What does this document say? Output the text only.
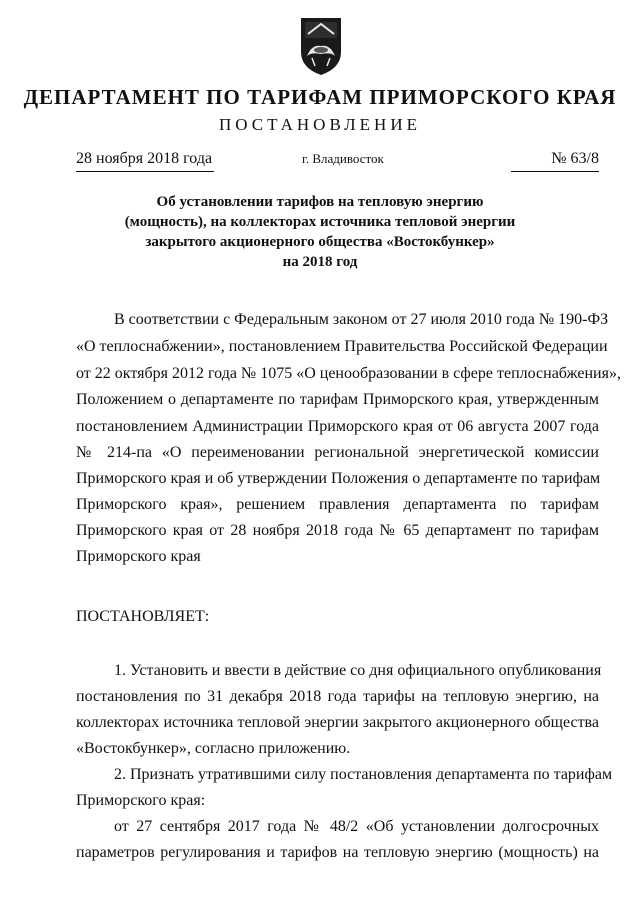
ДЕПАРТАМЕНТ ПО ТАРИФАМ ПРИМОРСКОГО КРАЯ
ПОСТАНОВЛЕНИЕ
28 ноября 2018 года	г. Владивосток	№ 63/8
Об установлении тарифов на тепловую энергию
(мощность), на коллекторах источника тепловой энергии
закрытого акционерного общества «Востокбункер»
на 2018 год
В соответствии с Федеральным законом от 27 июля 2010 года № 190-ФЗ
«О теплоснабжении», постановлением Правительства Российской Федерации
от 22 октября 2012 года № 1075 «О ценообразовании в сфере теплоснабжения»,
Положением о департаменте по тарифам Приморского края, утвержденным
постановлением Администрации Приморского края от 06 августа 2007 года
№ 214-па «О переименовании региональной энергетической комиссии
Приморского края и об утверждении Положения о департаменте по тарифам
Приморского края», решением правления департамента по тарифам
Приморского края от 28 ноября 2018 года № 65 департамент по тарифам
Приморского края
ПОСТАНОВЛЯЕТ:
1. Установить и ввести в действие со дня официального опубликования
постановления по 31 декабря 2018 года тарифы на тепловую энергию, на
коллекторах источника тепловой энергии закрытого акционерного общества
«Востокбункер», согласно приложению.
2. Признать утратившими силу постановления департамента по тарифам
Приморского края:
от 27 сентября 2017 года № 48/2 «Об установлении долгосрочных
параметров регулирования и тарифов на тепловую энергию (мощность) на
